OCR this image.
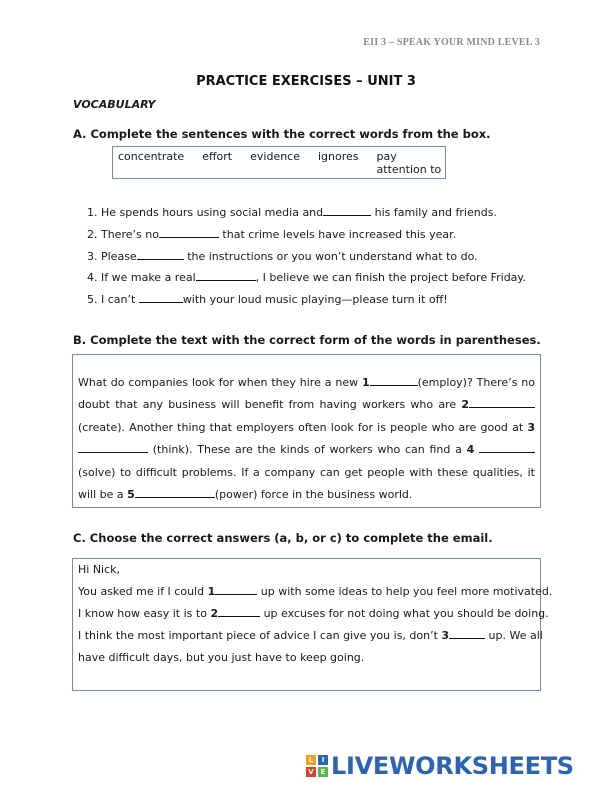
EII 3 – SPEAK YOUR MIND LEVEL 3
PRACTICE EXERCISES – UNIT 3
VOCABULARY
A. Complete the sentences with the correct words from the box.
concentrate effort evidence ignores pay attention to
1. He spends hours using social media and	his family and friends.
2. There’s no	that crime levels have increased this year.
3. Please	the instructions or you won’t understand what to do.
4. If we make a real	, I believe we can finish the project before Friday.
5. I can’t	with your loud music playing—please turn it off!
B. Complete the text with the correct form of the words in parentheses.
What do companies look for when they hire a new 1	(employ)? There’s no doubt that any business will benefit from having workers who are 2 (create). Another thing that employers often look for is people who are good at 3  (think). These are the kinds of workers who can find a 4  (solve) to difficult problems. If a company can get people with these qualities, it will be a 5	(power) force in the business world.
C. Choose the correct answers (a, b, or c) to complete the email.
Hi Nick,
You asked me if I could 1	up with some ideas to help you feel more motivated.
I know how easy it is to 2	up excuses for not doing what you should be doing.
I think the most important piece of advice I can give you is, don’t 3	up. We all
have difficult days, but you just have to keep going.
L	I
V E LIVEWORKSHEETS
